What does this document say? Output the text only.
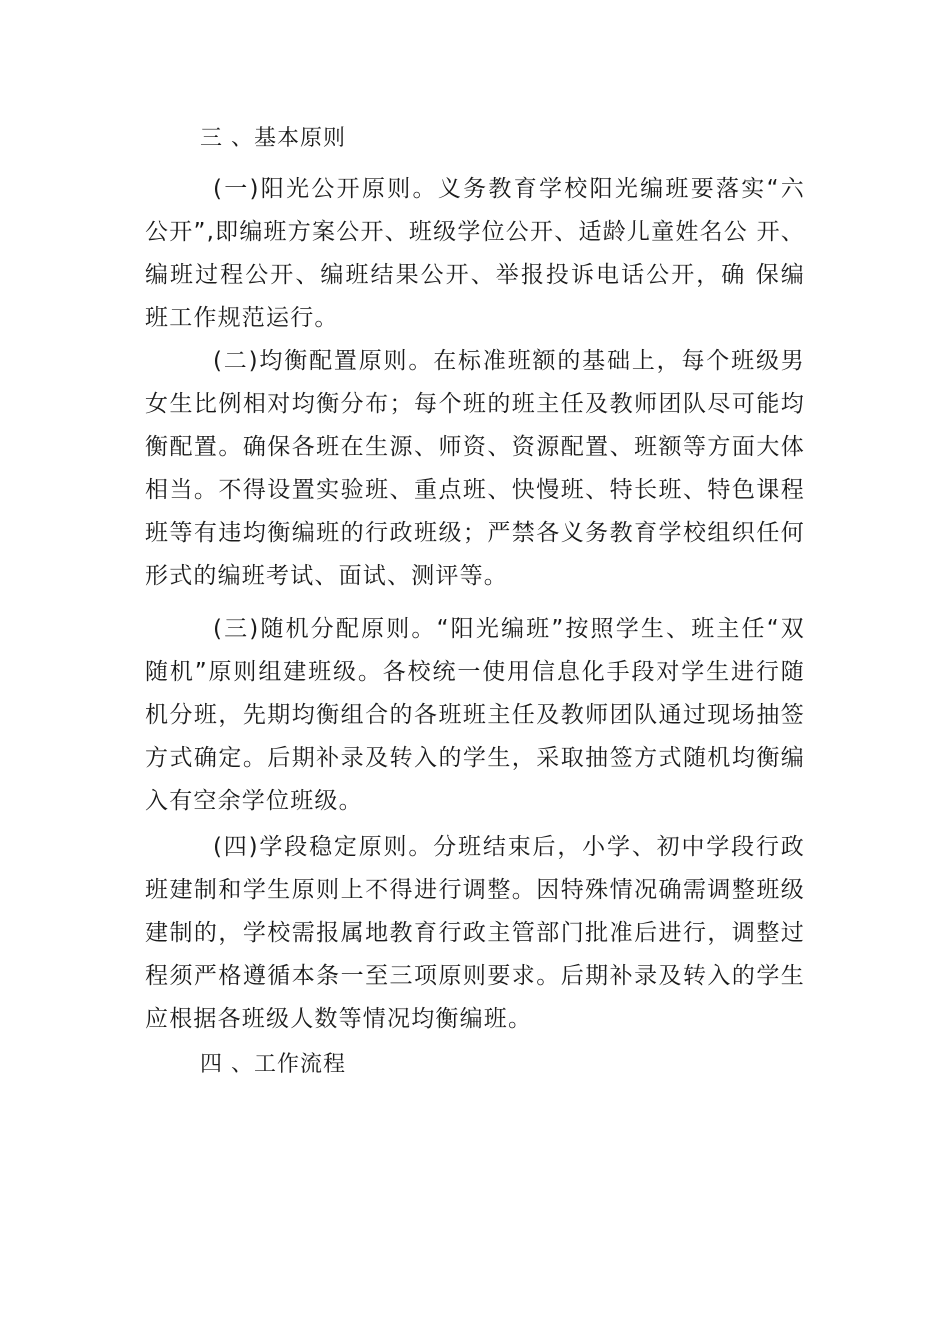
三 、基本原则

(一)阳光公开原则。义务教育学校阳光编班要落实“六 公开”,即编班方案公开、班级学位公开、适龄儿童姓名公 开、编班过程公开、编班结果公开、举报投诉电话公开，确 保编班工作规范运行。

(二)均衡配置原则。在标准班额的基础上，每个班级男女生比例相对均衡分布；每个班的班主任及教师团队尽可能均衡配置。确保各班在生源、师资、资源配置、班额等方面大体相当。不得设置实验班、重点班、快慢班、特长班、特色课程班等有违均衡编班的行政班级；严禁各义务教育学校组织任何形式的编班考试、面试、测评等。

(三)随机分配原则。“阳光编班”按照学生、班主任“双随机”原则组建班级。各校统一使用信息化手段对学生进行随机分班，先期均衡组合的各班班主任及教师团队通过现场抽签方式确定。后期补录及转入的学生，采取抽签方式随机均衡编入有空余学位班级。

(四)学段稳定原则。分班结束后，小学、初中学段行政班建制和学生原则上不得进行调整。因特殊情况确需调整班级建制的，学校需报属地教育行政主管部门批准后进行，调整过程须严格遵循本条一至三项原则要求。后期补录及转入的学生应根据各班级人数等情况均衡编班。

四 、工作流程
